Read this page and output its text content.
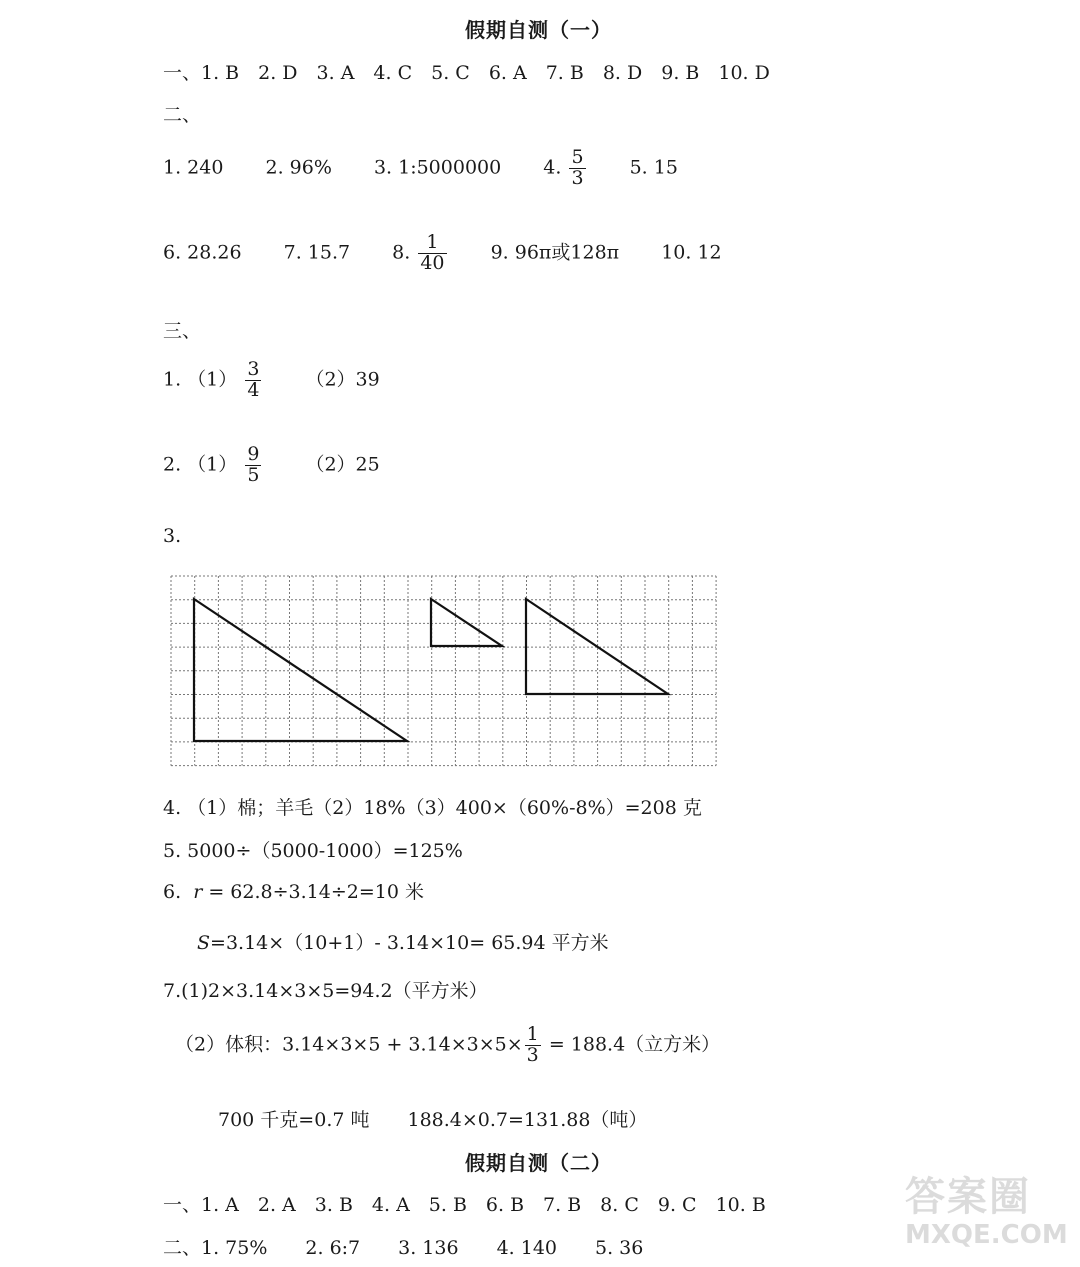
假期自测（一）
一、1. B　2. D　3. A　4. C　5. C　6. A　7. B　8. D　9. B　10. D
二、
1. 240 2. 96% 3. 1:5000000 4. $\frac{5}{3} 5$. 15
6. 28.26 7. 15.7 8. $\frac{1}{40} 9$. 96π或128π 10. 12
三、
1. $(1) \frac{3}{4} (2)39$
2. $(1) \frac{9}{5} (2)25$
3.
4. （1）棉；羊毛（2）18%（3）400×（60%-8%）=208 克
5. 5000÷（5000-1000）=125%
6.  r = 62.8÷3.14÷2=10 米
S=3.14×（10+1）- 3.14×10= 65.94 平方米
7.(1)2×3.14×3×5=94.2（平方米）
（2）体积：$3.14\times 3\times 5 + 3.14\times 3\times 5\times \frac{1}{3} = 188.4$（立方米）
700 千克=0.7 吨　　188.4×0.7=131.88（吨）
假期自测（二）
一、1. A　2. A　3. B　4. A　5. B　6. B　7. B　8. C　9. C　10. B
二、1. 75%　　2. 6:7　　3. 136　　4. 140　　5. 36
答案圈
MXQE.COM
